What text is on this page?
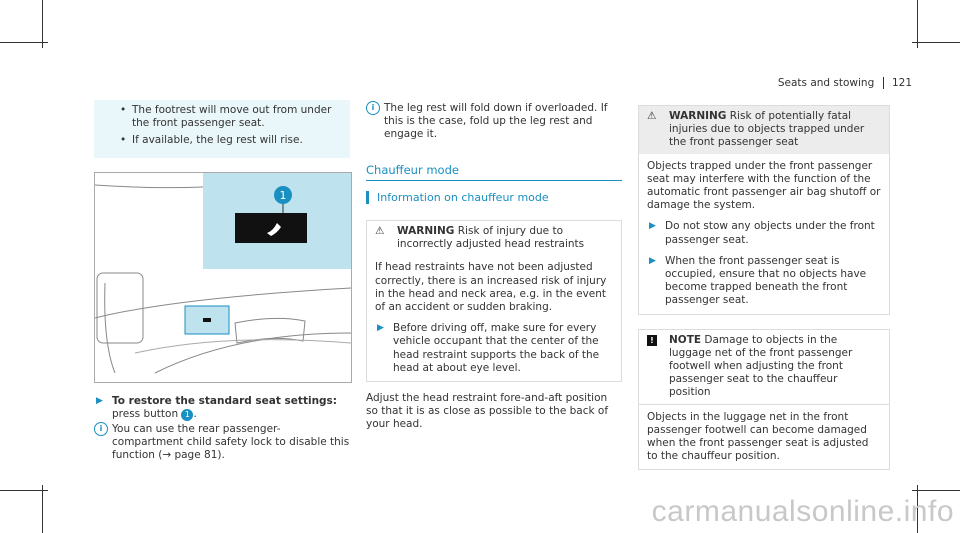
Seats and stowing 121
• The footrest will move out from under the front passenger seat.
• If available, the leg rest will rise.
1
▶ To restore the standard seat settings: press button 1 .
i You can use the rear passenger-compartment child safety lock to disable this function (→ page 81).
i The leg rest will fold down if overloaded. If this is the case, fold up the leg rest and engage it.
Chauffeur mode
Information on chauffeur mode
⚠ WARNING Risk of injury due to incorrectly adjusted head restraints

If head restraints have not been adjusted correctly, there is an increased risk of injury in the head and neck area, e.g. in the event of an accident or sudden braking.

▶ Before driving off, make sure for every vehicle occupant that the center of the head restraint supports the back of the head at about eye level.

Adjust the head restraint fore-and-aft position so that it is as close as possible to the back of your head.

⚠ WARNING Risk of potentially fatal injuries due to objects trapped under the front passenger seat

Objects trapped under the front passenger seat may interfere with the function of the automatic front passenger air bag shutoff or damage the system.

▶ Do not stow any objects under the front passenger seat.
▶ When the front passenger seat is occupied, ensure that no objects have become trapped beneath the front passenger seat.
!	NOTE Damage to objects in the luggage net of the front passenger footwell when adjusting the front passenger seat to the chauffeur position

Objects in the luggage net in the front passenger footwell can become damaged when the front passenger seat is adjusted to the chauffeur position.

carmanualsonline.info
